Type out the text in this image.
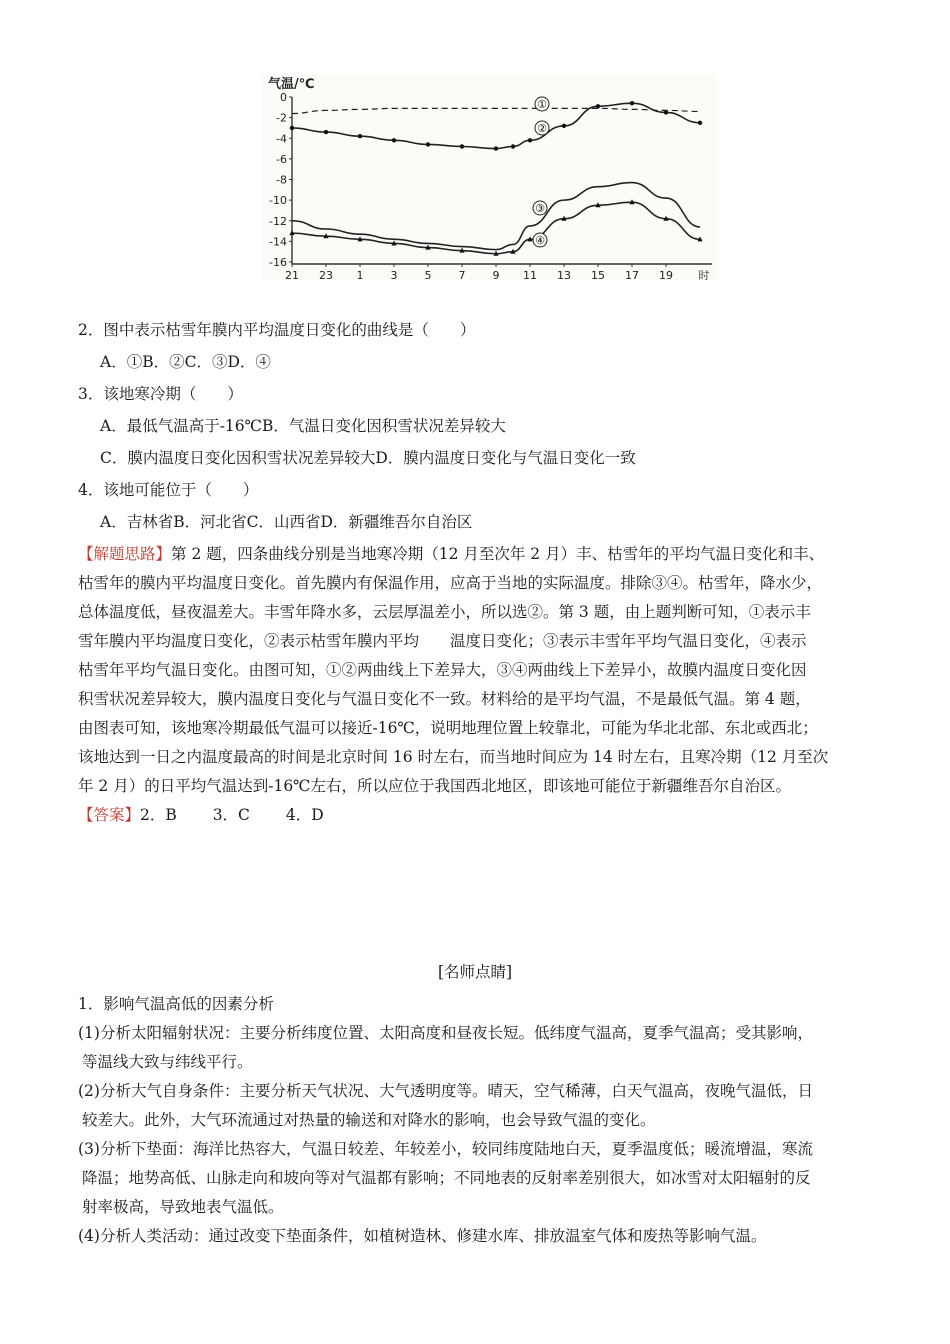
气温/℃
0
-2
-4
-6
-8
-10
-12
-14
-16
21 23 1 3 5 7 9 11 13 15 17 19 时
①
②
③
④
2．图中表示枯雪年膜内平均温度日变化的曲线是（　　）
A．①B．②C．③D．④
3．该地寒冷期（　　）
A．最低气温高于-16℃B．气温日变化因积雪状况差异较大
C．膜内温度日变化因积雪状况差异较大D．膜内温度日变化与气温日变化一致
4．该地可能位于（　　）
A．吉林省B．河北省C．山西省D．新疆维吾尔自治区
【解题思路】第 2 题，四条曲线分别是当地寒冷期（12 月至次年 2 月）丰、枯雪年的平均气温日变化和丰、
枯雪年的膜内平均温度日变化。首先膜内有保温作用，应高于当地的实际温度。排除③④。枯雪年，降水少，
总体温度低，昼夜温差大。丰雪年降水多，云层厚温差小，所以选②。第 3 题，由上题判断可知，①表示丰
雪年膜内平均温度日变化，②表示枯雪年膜内平均　　温度日变化；③表示丰雪年平均气温日变化，④表示
枯雪年平均气温日变化。由图可知，①②两曲线上下差异大，③④两曲线上下差异小，故膜内温度日变化因
积雪状况差异较大，膜内温度日变化与气温日变化不一致。材料给的是平均气温，不是最低气温。第 4 题，
由图表可知，该地寒冷期最低气温可以接近-16℃，说明地理位置上较靠北，可能为华北北部、东北或西北；
该地达到一日之内温度最高的时间是北京时间 16 时左右，而当地时间应为 14 时左右，且寒冷期（12 月至次
年 2 月）的日平均气温达到-16℃左右，所以应位于我国西北地区，即该地可能位于新疆维吾尔自治区。
【答案】2．B　　 3．C　　 4．D
[名师点睛]
1．影响气温高低的因素分析
(1)分析太阳辐射状况：主要分析纬度位置、太阳高度和昼夜长短。低纬度气温高，夏季气温高；受其影响，
等温线大致与纬线平行。
(2)分析大气自身条件：主要分析天气状况、大气透明度等。晴天，空气稀薄，白天气温高，夜晚气温低，日
较差大。此外，大气环流通过对热量的输送和对降水的影响，也会导致气温的变化。
(3)分析下垫面：海洋比热容大，气温日较差、年较差小，较同纬度陆地白天，夏季温度低；暖流增温，寒流
降温；地势高低、山脉走向和坡向等对气温都有影响；不同地表的反射率差别很大，如冰雪对太阳辐射的反
射率极高，导致地表气温低。
(4)分析人类活动：通过改变下垫面条件，如植树造林、修建水库、排放温室气体和废热等影响气温。
